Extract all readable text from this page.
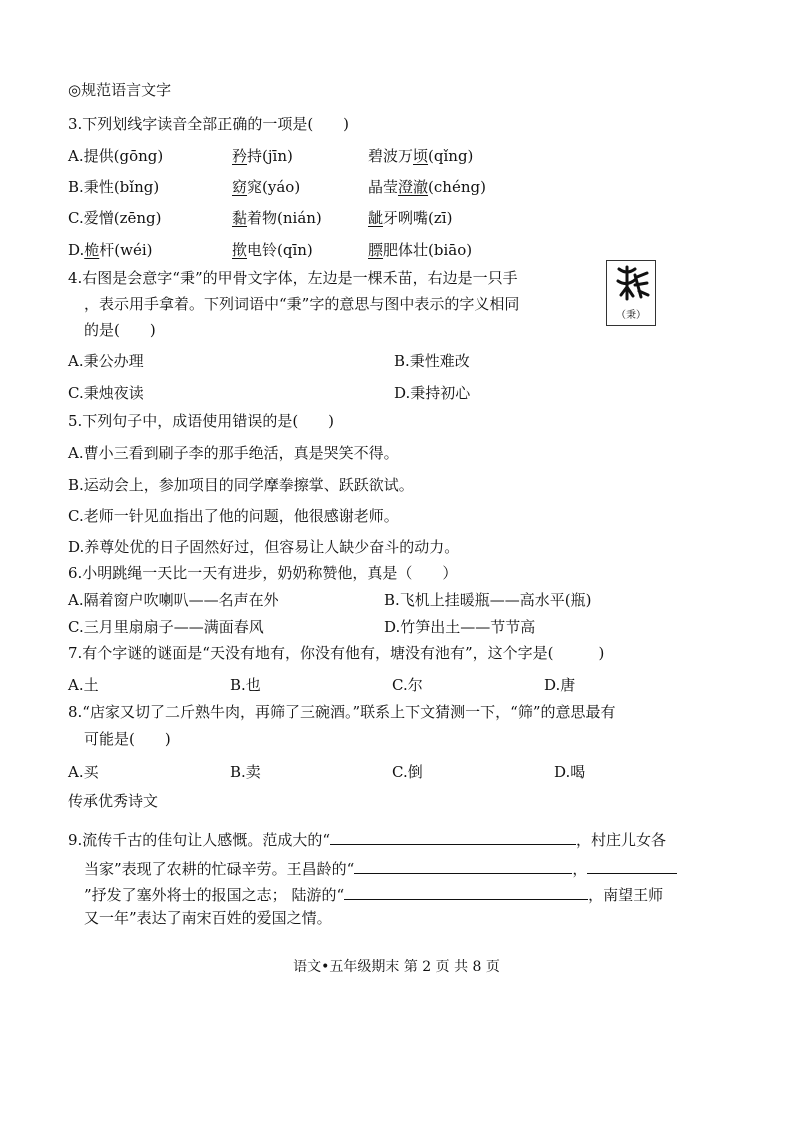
◎规范语言文字
3.下列划线字读音全部正确的一项是(　　)
A.提供(gōng)	矜持(jīn)	碧波万顷(qǐng)
B.秉性(bǐng)	窈窕(yáo)	晶莹澄澈(chéng)
C.爱憎(zēng)	黏着物(nián)	龇牙咧嘴(zī)
D.桅杆(wéi)	揿电铃(qīn)	膘肥体壮(biāo)
4.右图是会意字“秉”的甲骨文字体，左边是一棵禾苗，右边是一只手
，表示用手拿着。下列词语中“秉”字的意思与图中表示的字义相同
的是(　　)
（秉）
A.秉公办理	B.秉性难改
C.秉烛夜读	D.秉持初心
5.下列句子中，成语使用错误的是(　　)
A.曹小三看到刷子李的那手绝活，真是哭笑不得。
B.运动会上，参加项目的同学摩拳擦掌、跃跃欲试。
C.老师一针见血指出了他的问题，他很感谢老师。
D.养尊处优的日子固然好过，但容易让人缺少奋斗的动力。
6.小明跳绳一天比一天有进步，奶奶称赞他，真是（　　）
A.隔着窗户吹喇叭——名声在外	B.飞机上挂暖瓶——高水平(瓶)
C.三月里扇扇子——满面春风	D.竹笋出土——节节高
7.有个字谜的谜面是“天没有地有，你没有他有，塘没有池有”，这个字是(　　　)
A.土	B.也	C.尔	D.唐
8.“店家又切了二斤熟牛肉，再筛了三碗酒。”联系上下文猜测一下，“筛”的意思最有
可能是(　　)
A.买	B.卖	C.倒	D.喝
传承优秀诗文
9.流传千古的佳句让人感慨。范成大的“	，村庄儿女各
当家”表现了农耕的忙碌辛劳。王昌龄的“	，
”抒发了塞外将士的报国之志； 陆游的“	，南望王师
又一年”表达了南宋百姓的爱国之情。
语文•五年级期末 第 2 页 共 8 页
